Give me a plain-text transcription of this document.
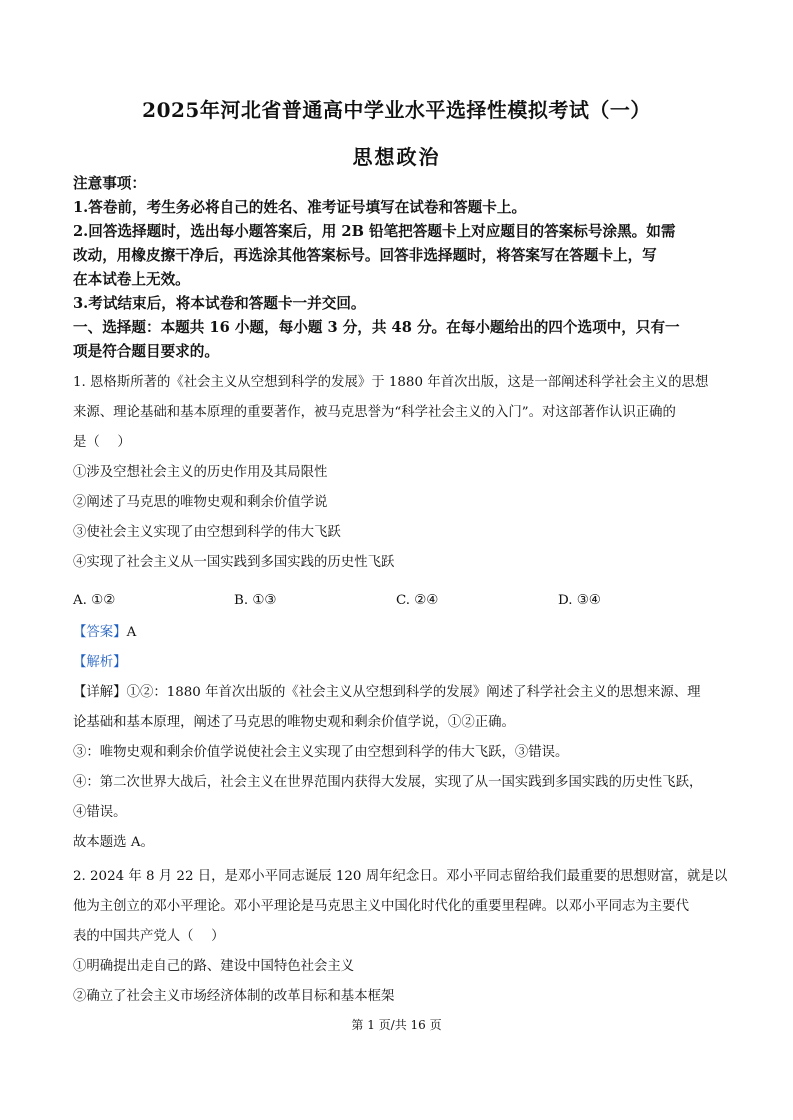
2025年河北省普通高中学业水平选择性模拟考试（一）
思想政治
注意事项：
1.答卷前，考生务必将自己的姓名、准考证号填写在试卷和答题卡上。
2.回答选择题时，选出每小题答案后，用 2B 铅笔把答题卡上对应题目的答案标号涂黑。如需
改动，用橡皮擦干净后，再选涂其他答案标号。回答非选择题时，将答案写在答题卡上，写
在本试卷上无效。
3.考试结束后，将本试卷和答题卡一并交回。
一、选择题：本题共 16 小题，每小题 3 分，共 48 分。在每小题给出的四个选项中，只有一
项是符合题目要求的。
1. 恩格斯所著的《社会主义从空想到科学的发展》于 1880 年首次出版，这是一部阐述科学社会主义的思想
来源、理论基础和基本原理的重要著作，被马克思誉为“科学社会主义的入门”。对这部著作认识正确的
是（　 ）
①涉及空想社会主义的历史作用及其局限性
②阐述了马克思的唯物史观和剩余价值学说
③使社会主义实现了由空想到科学的伟大飞跃
④实现了社会主义从一国实践到多国实践的历史性飞跃
A. ①②	B. ①③	C. ②④	D. ③④
【答案】A
【解析】
【详解】①②：1880 年首次出版的《社会主义从空想到科学的发展》阐述了科学社会主义的思想来源、理
论基础和基本原理，阐述了马克思的唯物史观和剩余价值学说，①②正确。
③：唯物史观和剩余价值学说使社会主义实现了由空想到科学的伟大飞跃，③错误。
④：第二次世界大战后，社会主义在世界范围内获得大发展，实现了从一国实践到多国实践的历史性飞跃，
④错误。
故本题选 A。
2. 2024 年 8 月 22 日，是邓小平同志诞辰 120 周年纪念日。邓小平同志留给我们最重要的思想财富，就是以
他为主创立的邓小平理论。邓小平理论是马克思主义中国化时代化的重要里程碑。以邓小平同志为主要代
表的中国共产党人（　 ）
①明确提出走自己的路、建设中国特色社会主义
②确立了社会主义市场经济体制的改革目标和基本框架
第 1 页/共 16 页
